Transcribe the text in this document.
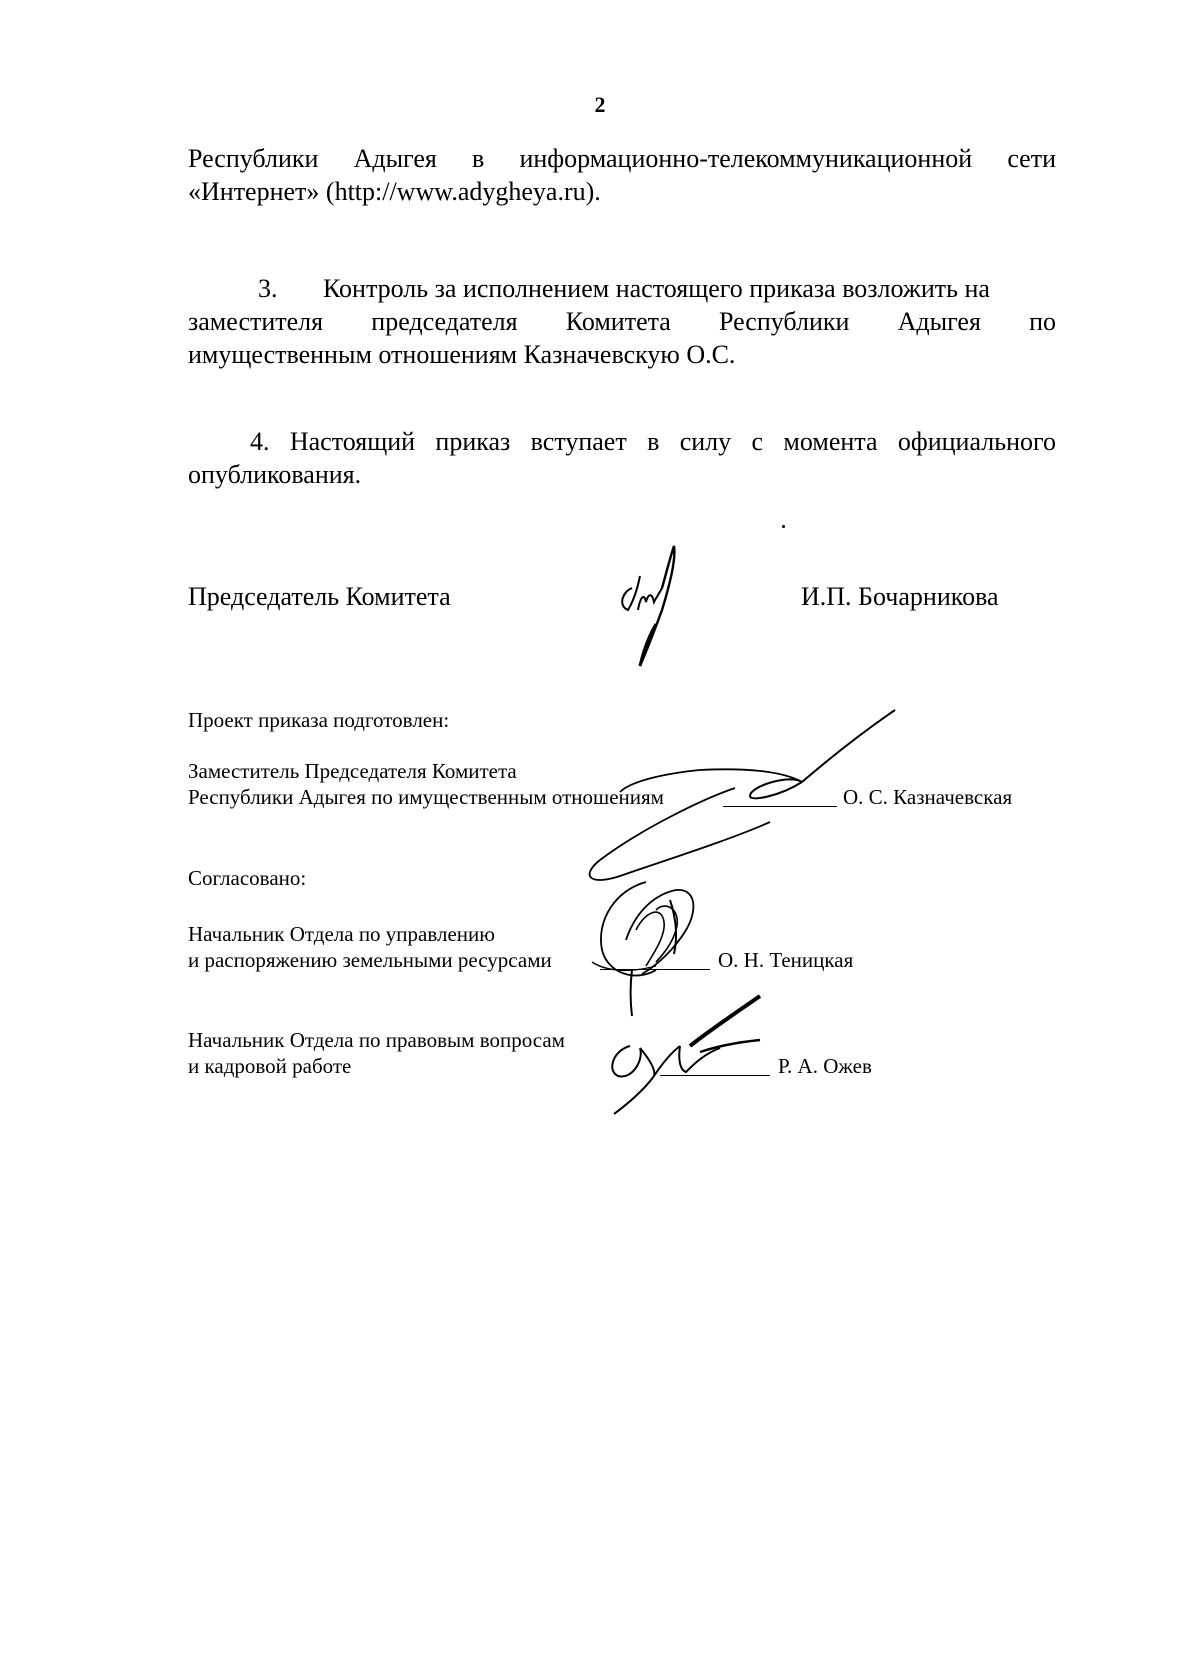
2
Республики Адыгея в информационно-телекоммуникационной сети
«Интернет» (http://www.adygheya.ru).
3. Контроль за исполнением настоящего приказа возложить на
заместителя председателя Комитета Республики Адыгея по
имущественным отношениям Казначевскую О.С.
4. Настоящий приказ вступает в силу с момента официального
опубликования.
Председатель Комитета	И.П. Бочарникова
Проект приказа подготовлен:
Заместитель Председателя Комитета
Республики Адыгея по имущественным отношениям	О. С. Казначевская
Согласовано:
Начальник Отдела по управлению
и распоряжению земельными ресурсами	О. Н. Теницкая
Начальник Отдела по правовым вопросам
и кадровой работе	Р. А. Ожев
